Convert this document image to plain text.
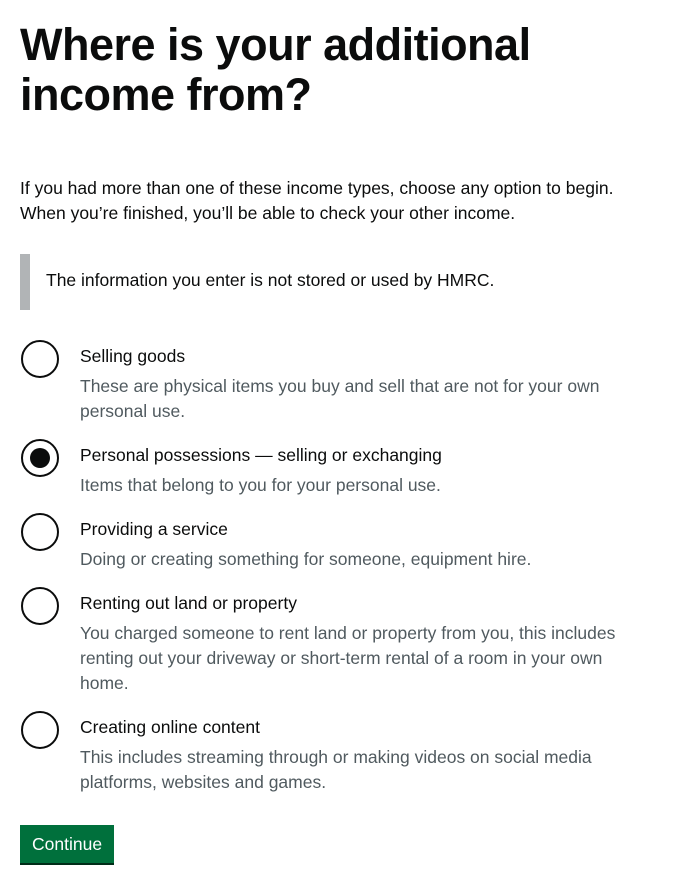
Where is your additional income from?

If you had more than one of these income types, choose any option to begin. When you’re finished, you’ll be able to check your other income.

The information you enter is not stored or used by HMRC.
Selling goods
These are physical items you buy and sell that are not for your own personal use.
Personal possessions — selling or exchanging
Items that belong to you for your personal use.
Providing a service
Doing or creating something for someone, equipment hire.
Renting out land or property
You charged someone to rent land or property from you, this includes renting out your driveway or short-term rental of a room in your own home.
Creating online content
This includes streaming through or making videos on social media platforms, websites and games.
Continue
